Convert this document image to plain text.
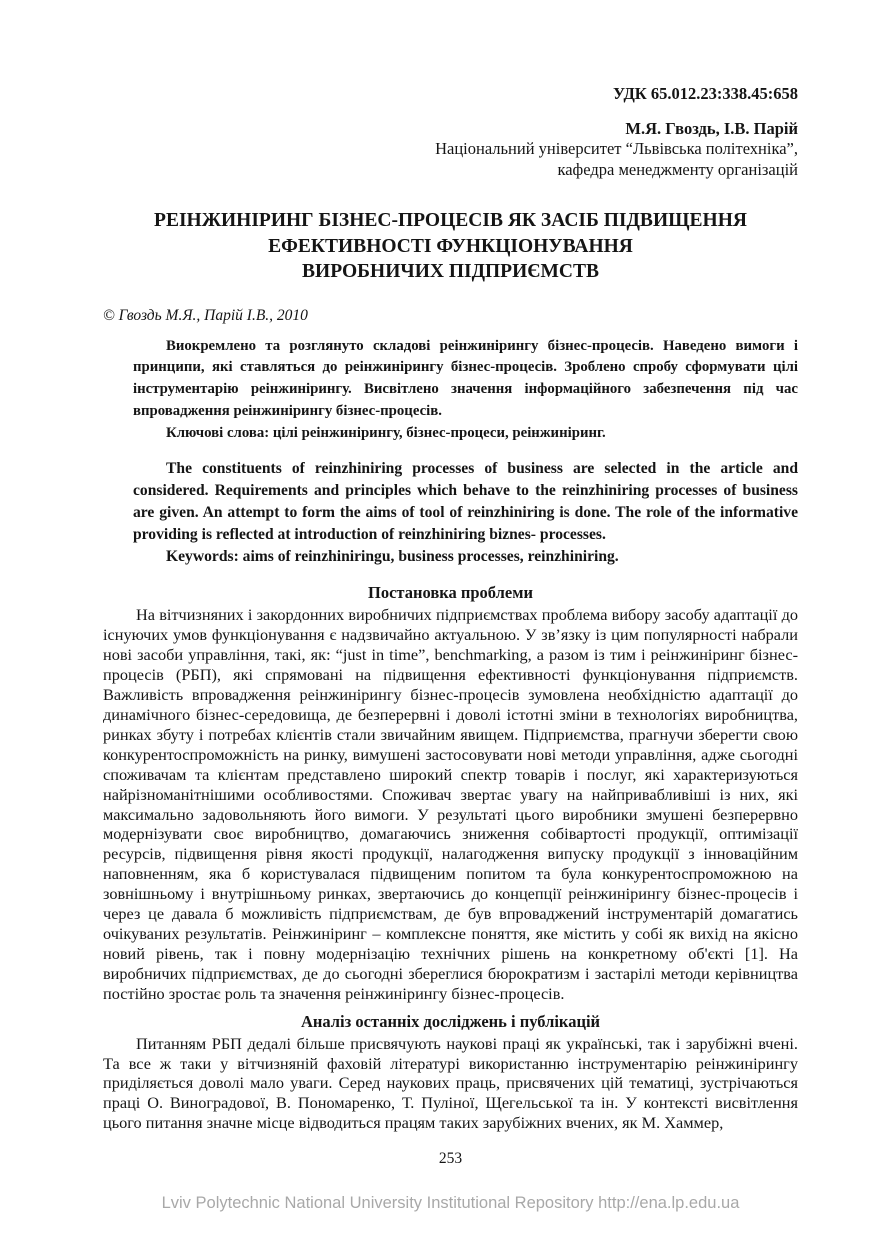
УДК 65.012.23:338.45:658
М.Я. Гвоздь, І.В. Парій
Національний університет “Львівська політехніка”,
кафедра менеджменту організацій
РЕІНЖИНІРИНГ БІЗНЕС-ПРОЦЕСІВ ЯК ЗАСІБ ПІДВИЩЕННЯ
ЕФЕКТИВНОСТІ ФУНКЦІОНУВАННЯ
ВИРОБНИЧИХ ПІДПРИЄМСТВ
© Гвоздь М.Я., Парій І.В., 2010

Виокремлено та розглянуто складові реінжинірингу бізнес-процесів. Наведено вимоги і принципи, які ставляться до реінжинірингу бізнес-процесів. Зроблено спробу сформувати цілі інструментарію реінжинірингу. Висвітлено значення інформаційного забезпечення під час впровадження реінжинірингу бізнес-процесів.

Ключові слова: цілі реінжинірингу, бізнес-процеси, реінжиніринг.

The constituents of reinzhiniring processes of business are selected in the article and considered. Requirements and principles which behave to the reinzhiniring processes of business are given. An attempt to form the aims of tool of reinzhiniring is done. The role of the informative providing is reflected at introduction of reinzhiniring biznes- processes.

Keywords: aims of reinzhiniringu, business processes, reinzhiniring.

Постановка проблеми

На вітчизняних і закордонних виробничих підприємствах проблема вибору засобу адаптації до існуючих умов функціонування є надзвичайно актуальною. У зв’язку із цим популярності набрали нові засоби управління, такі, як: “just in time”, benchmarking, а разом із тим і реінжиніринг бізнес-процесів (РБП), які спрямовані на підвищення ефективності функціонування підприємств. Важливість впровадження реінжинірингу бізнес-процесів зумовлена необхідністю адаптації до динамічного бізнес-середовища, де безперервні і доволі істотні зміни в технологіях виробництва, ринках збуту і потребах клієнтів стали звичайним явищем. Підприємства, прагнучи зберегти свою конкурентоспроможність на ринку, вимушені застосовувати нові методи управління, адже сьогодні споживачам та клієнтам представлено широкий спектр товарів і послуг, які характеризуються найрізноманітнішими особливостями. Споживач звертає увагу на найпривабливіші із них, які максимально задовольняють його вимоги. У результаті цього виробники змушені безперервно модернізувати своє виробництво, домагаючись зниження собівартості продукції, оптимізації ресурсів, підвищення рівня якості продукції, налагодження випуску продукції з інноваційним наповненням, яка б користувалася підвищеним попитом та була конкурентоспроможною на зовнішньому і внутрішньому ринках, звертаючись до концепції реінжинірингу бізнес-процесів і через це давала б можливість підприємствам, де був впроваджений інструментарій домагатись очікуваних результатів. Реінжиніринг – комплексне поняття, яке містить у собі як вихід на якісно новий рівень, так і повну модернізацію технічних рішень на конкретному об'єкті [1]. На виробничих підприємствах, де до сьогодні збереглися бюрократизм і застарілі методи керівництва постійно зростає роль та значення реінжинірингу бізнес-процесів.

Аналіз останніх досліджень і публікацій

Питанням РБП дедалі більше присвячують наукові праці як українські, так і зарубіжні вчені. Та все ж таки у вітчизняній фаховій літературі використанню інструментарію реінжинірингу приділяється доволі мало уваги. Серед наукових праць, присвячених цій тематиці, зустрічаються праці О. Виноградової, В. Пономаренко, Т. Пуліної, Щегельської та ін. У контексті висвітлення цього питання значне місце відводиться працям таких зарубіжних вчених, як М. Хаммер,

253
Lviv Polytechnic National University Institutional Repository http://ena.lp.edu.ua
